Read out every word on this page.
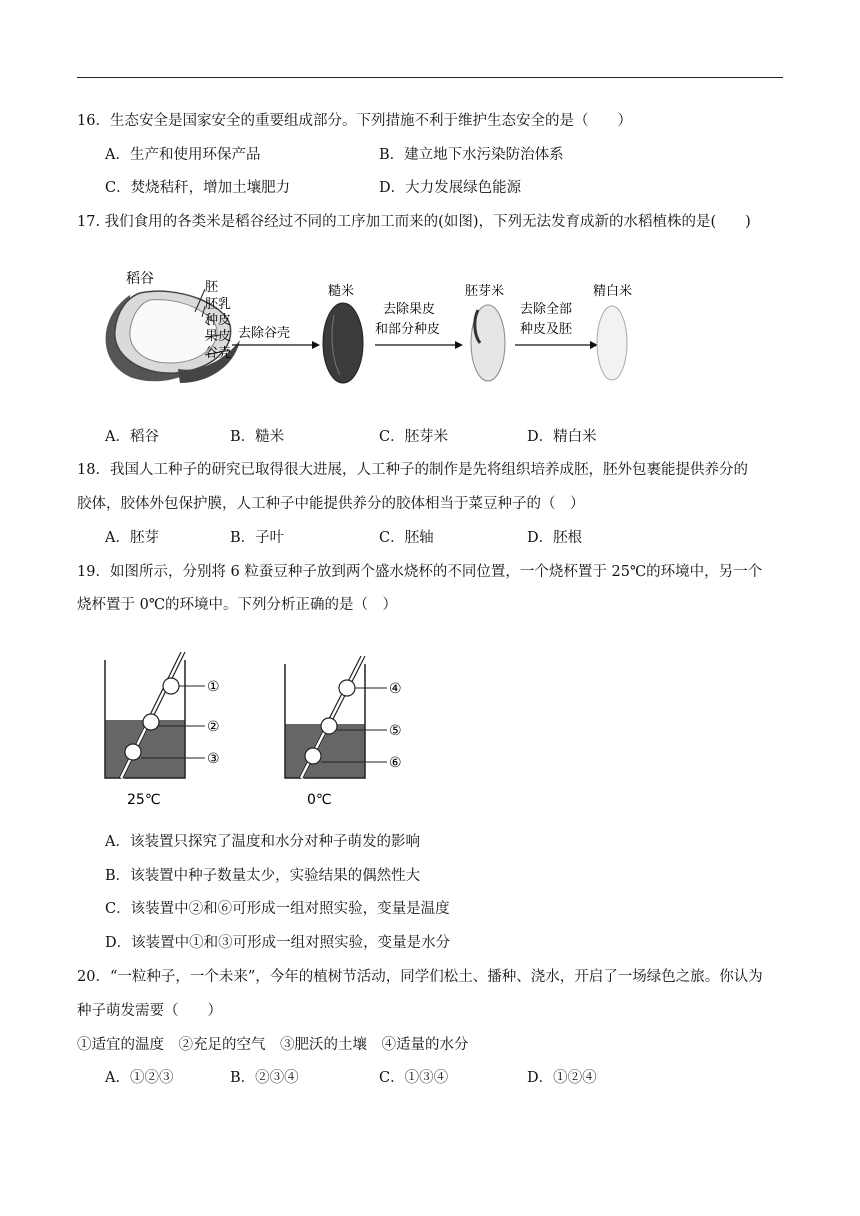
16．生态安全是国家安全的重要组成部分。下列措施不利于维护生态安全的是（　　）
A．生产和使用环保产品	B．建立地下水污染防治体系
C．焚烧秸秆，增加土壤肥力	D．大力发展绿色能源
17. 我们食用的各类米是稻谷经过不同的工序加工而来的(如图)，下列无法发育成新的水稻植株的是(　　)
稻谷
胚
胚乳
种皮
果皮
谷壳
去除谷壳
糙米
去除果皮
和部分种皮
胚芽米
去除全部
种皮及胚
精白米
A．稻谷	B．糙米	C．胚芽米	D．精白米
18．我国人工种子的研究已取得很大进展，人工种子的制作是先将组织培养成胚，胚外包裹能提供养分的
胶体，胶体外包保护膜，人工种子中能提供养分的胶体相当于菜豆种子的（　）
A．胚芽	B．子叶	C．胚轴	D．胚根
19．如图所示，分别将 6 粒蚕豆种子放到两个盛水烧杯的不同位置，一个烧杯置于 25℃的环境中，另一个
烧杯置于 0℃的环境中。下列分析正确的是（　）
①
②
③
25℃
④
⑤
⑥
0℃
A．该装置只探究了温度和水分对种子萌发的影响
B．该装置中种子数量太少，实验结果的偶然性大
C．该装置中②和⑥可形成一组对照实验，变量是温度
D．该装置中①和③可形成一组对照实验，变量是水分
20．“一粒种子，一个未来”，今年的植树节活动，同学们松土、播种、浇水，开启了一场绿色之旅。你认为
种子萌发需要（　　）
①适宜的温度　②充足的空气　③肥沃的土壤　④适量的水分
A．①②③	B．②③④	C．①③④	D．①②④
